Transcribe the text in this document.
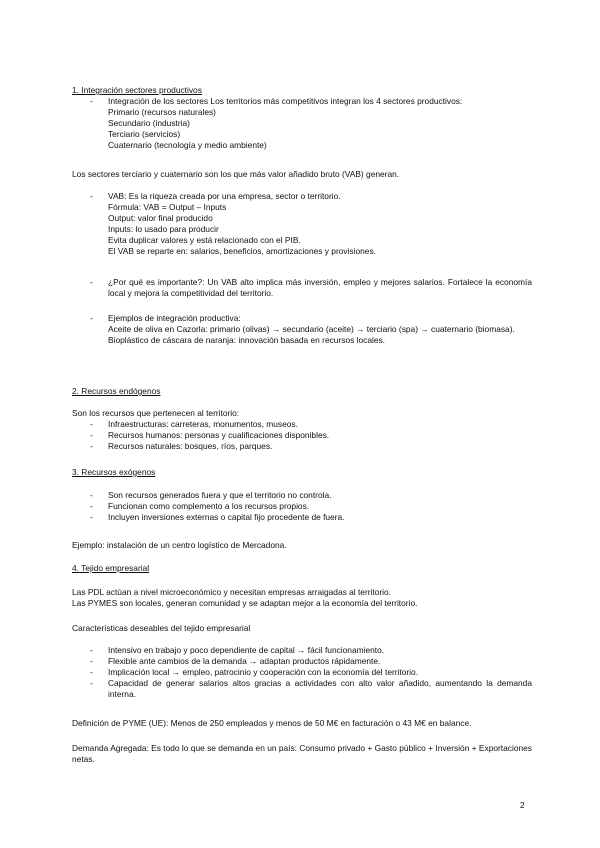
1. Integración sectores productivos

- Integración de los sectores Los territorios más competitivos integran los 4 sectores productivos:
Primario (recursos naturales)
Secundario (industria)
Terciario (servicios)
Cuaternario (tecnología y medio ambiente)

Los sectores terciario y cuaternario son los que más valor añadido bruto (VAB) generan.

- VAB: Es la riqueza creada por una empresa, sector o territorio.
Fórmula: VAB = Output – Inputs
Output: valor final producido
Inputs: lo usado para producir
Evita duplicar valores y está relacionado con el PIB.
El VAB se reparte en: salarios, beneficios, amortizaciones y provisiones.
- ¿Por qué es importante?: Un VAB alto implica más inversión, empleo y mejores salarios. Fortalece la economía local y mejora la competitividad del territorio.
- Ejemplos de integración productiva:
Aceite de oliva en Cazorla: primario (olivas) → secundario (aceite) → terciario (spa) → cuaternario (biomasa).
Bioplástico de cáscara de naranja: innovación basada en recursos locales.

2. Recursos endógenos

Son los recursos que pertenecen al territorio:

- Infraestructuras: carreteras, monumentos, museos.
- Recursos humanos: personas y cualificaciones disponibles.
- Recursos naturales: bosques, ríos, parques.

3. Recursos exógenos

- Son recursos generados fuera y que el territorio no controla.
- Funcionan como complemento a los recursos propios.
- Incluyen inversiones externas o capital fijo procedente de fuera.

Ejemplo: instalación de un centro logístico de Mercadona.

4. Tejido empresarial

Las PDL actúan a nivel microeconómico y necesitan empresas arraigadas al territorio.

Las PYMES son locales, generan comunidad y se adaptan mejor a la economía del territorio.

Características deseables del tejido empresarial

- Intensivo en trabajo y poco dependiente de capital → fácil funcionamiento.
- Flexible ante cambios de la demanda → adaptan productos rápidamente.
- Implicación local → empleo, patrocinio y cooperación con la economía del territorio.
- Capacidad de generar salarios altos gracias a actividades con alto valor añadido, aumentando la demanda interna.

Definición de PYME (UE): Menos de 250 empleados y menos de 50 M€ en facturación o 43 M€ en balance.

Demanda Agregada: Es todo lo que se demanda en un país: Consumo privado + Gasto público + Inversión + Exportaciones netas.

2
